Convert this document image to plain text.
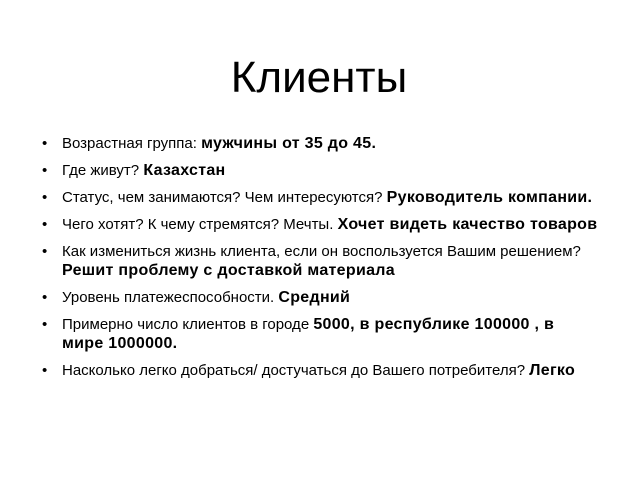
Клиенты
• Возрастная группа: мужчины от 35 до 45.
• Где живут? Казахстан
• Статус, чем занимаются? Чем интересуются? Руководитель компании.
• Чего хотят? К чему стремятся? Мечты. Хочет видеть качество товаров
• Как измениться жизнь клиента, если он воспользуется Вашим решением? Решит проблему с доставкой материала
• Уровень платежеспособности. Средний
• Примерно число клиентов в городе 5000, в республике 100000 , в мире 1000000.
• Насколько легко добраться/ достучаться до Вашего потребителя? Легко
